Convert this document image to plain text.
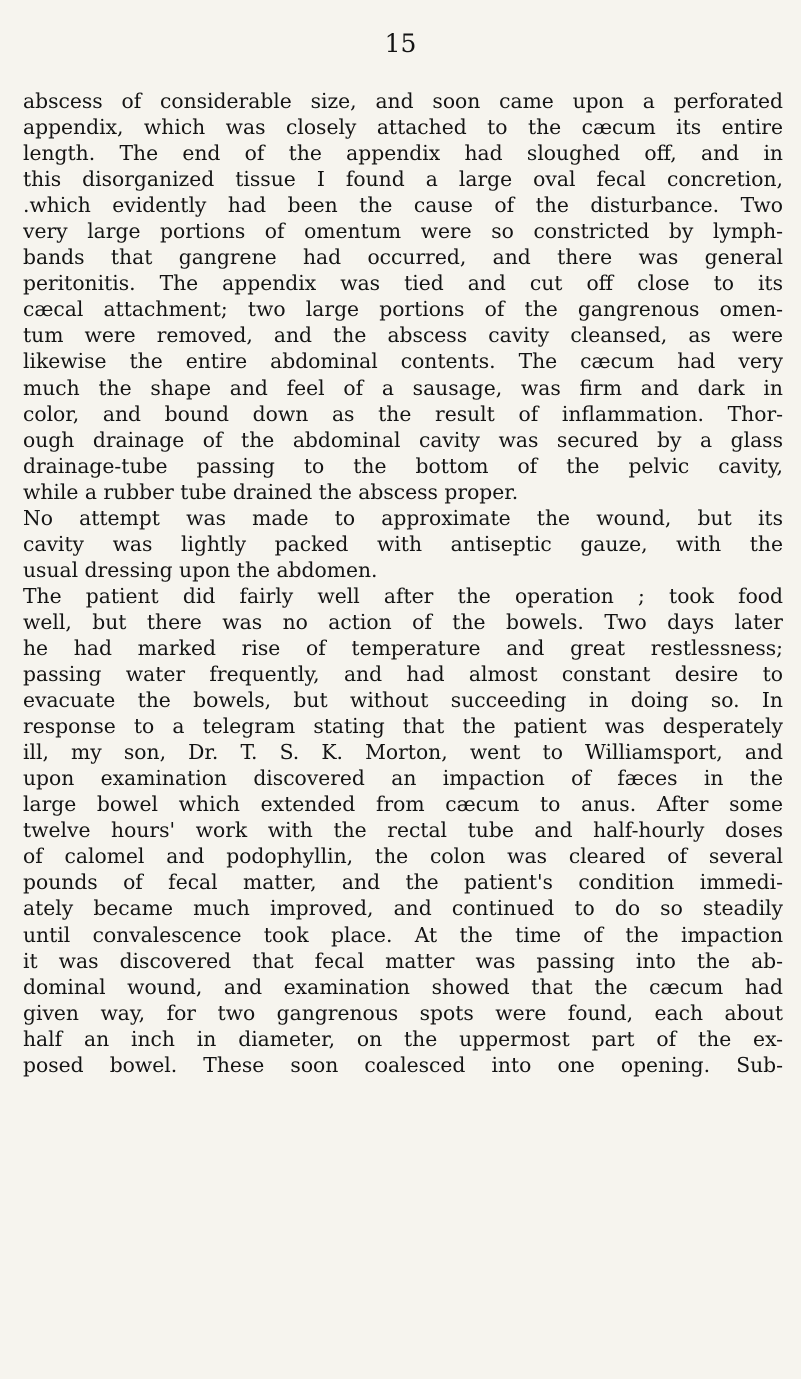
15
abscess of considerable size, and soon came upon a perforated
appendix, which was closely attached to the cæcum its entire
length. The end of the appendix had sloughed off, and in
this disorganized tissue I found a large oval fecal concretion,
.which evidently had been the cause of the disturbance. Two
very large portions of omentum were so constricted by lymph-
bands that gangrene had occurred, and there was general
peritonitis. The appendix was tied and cut off close to its
cæcal attachment; two large portions of the gangrenous omen-
tum were removed, and the abscess cavity cleansed, as were
likewise the entire abdominal contents. The cæcum had very
much the shape and feel of a sausage, was firm and dark in
color, and bound down as the result of inflammation. Thor-
ough drainage of the abdominal cavity was secured by a glass
drainage-tube passing to the bottom of the pelvic cavity,
while a rubber tube drained the abscess proper.
No attempt was made to approximate the wound, but its
cavity was lightly packed with antiseptic gauze, with the
usual dressing upon the abdomen.
The patient did fairly well after the operation ; took food
well, but there was no action of the bowels. Two days later
he had marked rise of temperature and great restlessness;
passing water frequently, and had almost constant desire to
evacuate the bowels, but without succeeding in doing so. In
response to a telegram stating that the patient was desperately
ill, my son, Dr. T. S. K. Morton, went to Williamsport, and
upon examination discovered an impaction of fæces in the
large bowel which extended from cæcum to anus. After some
twelve hours' work with the rectal tube and half-hourly doses
of calomel and podophyllin, the colon was cleared of several
pounds of fecal matter, and the patient's condition immedi-
ately became much improved, and continued to do so steadily
until convalescence took place. At the time of the impaction
it was discovered that fecal matter was passing into the ab-
dominal wound, and examination showed that the cæcum had
given way, for two gangrenous spots were found, each about
half an inch in diameter, on the uppermost part of the ex-
posed bowel. These soon coalesced into one opening. Sub-
